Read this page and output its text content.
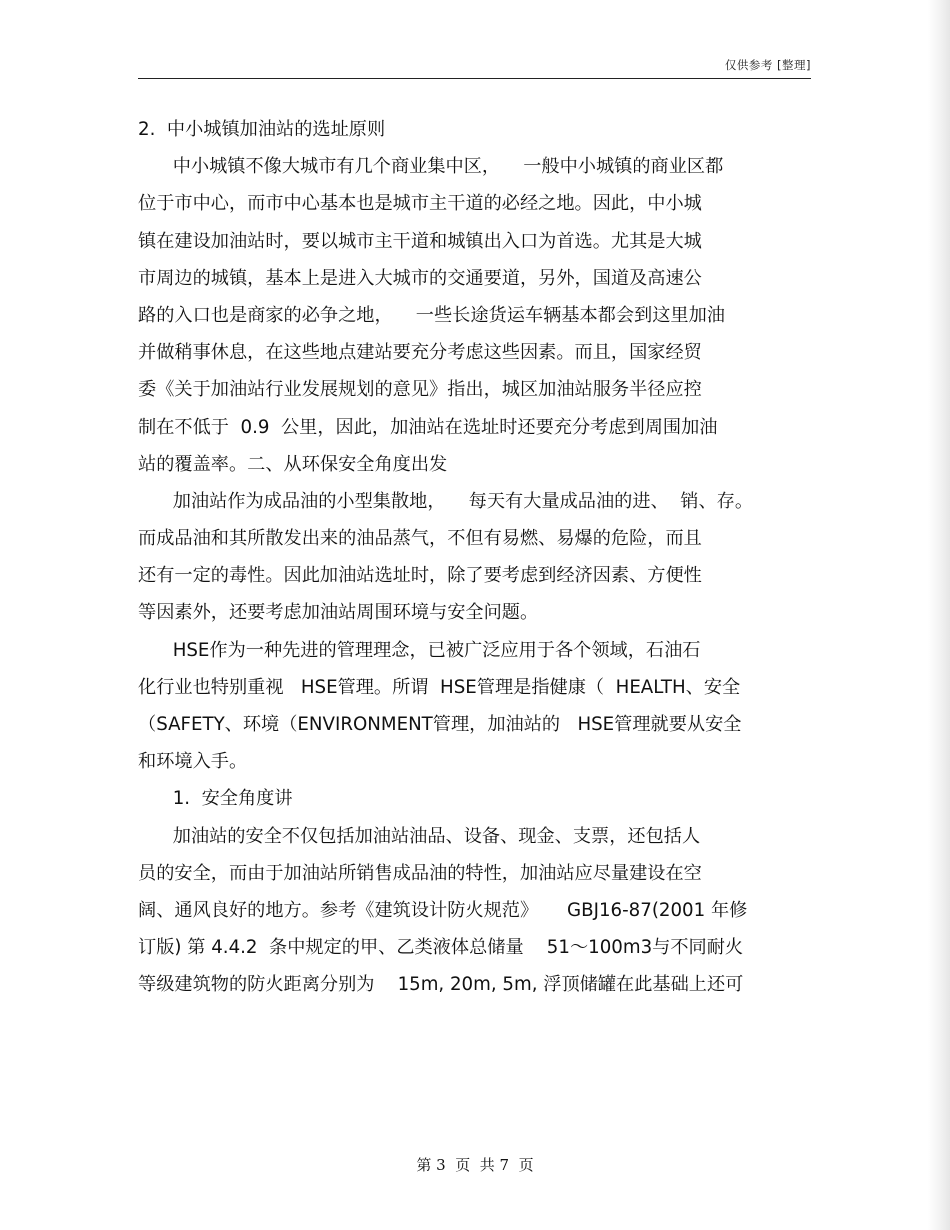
仅供参考 [整理]
2.  中小城镇加油站的选址原则
中小城镇不像大城市有几个商业集中区，    一般中小城镇的商业区都
位于市中心，而市中心基本也是城市主干道的必经之地。因此，中小城
镇在建设加油站时，要以城市主干道和城镇出入口为首选。尤其是大城
市周边的城镇，基本上是进入大城市的交通要道，另外，国道及高速公
路的入口也是商家的必争之地，    一些长途货运车辆基本都会到这里加油
并做稍事休息，在这些地点建站要充分考虑这些因素。而且，国家经贸
委《关于加油站行业发展规划的意见》指出，城区加油站服务半径应控
制在不低于  0.9  公里，因此，加油站在选址时还要充分考虑到周围加油
站的覆盖率。二、从环保安全角度出发
加油站作为成品油的小型集散地，    每天有大量成品油的进、  销、存。
而成品油和其所散发出来的油品蒸气，不但有易燃、易爆的危险，而且
还有一定的毒性。因此加油站选址时，除了要考虑到经济因素、方便性
等因素外，还要考虑加油站周围环境与安全问题。
HSE作为一种先进的管理理念，已被广泛应用于各个领域，石油石
化行业也特别重视   HSE管理。所谓  HSE管理是指健康（  HEALTH、安全
（SAFETY、环境（ENVIRONMENT管理，加油站的   HSE管理就要从安全
和环境入手。
1.  安全角度讲
加油站的安全不仅包括加油站油品、设备、现金、支票，还包括人
员的安全，而由于加油站所销售成品油的特性，加油站应尽量建设在空
阔、通风良好的地方。参考《建筑设计防火规范》     GBJ16-87(2001 年修
订版) 第 4.4.2  条中规定的甲、乙类液体总储量    51～100m3与不同耐火
等级建筑物的防火距离分别为    15m, 20m, 5m, 浮顶储罐在此基础上还可
第 3  页  共 7  页
